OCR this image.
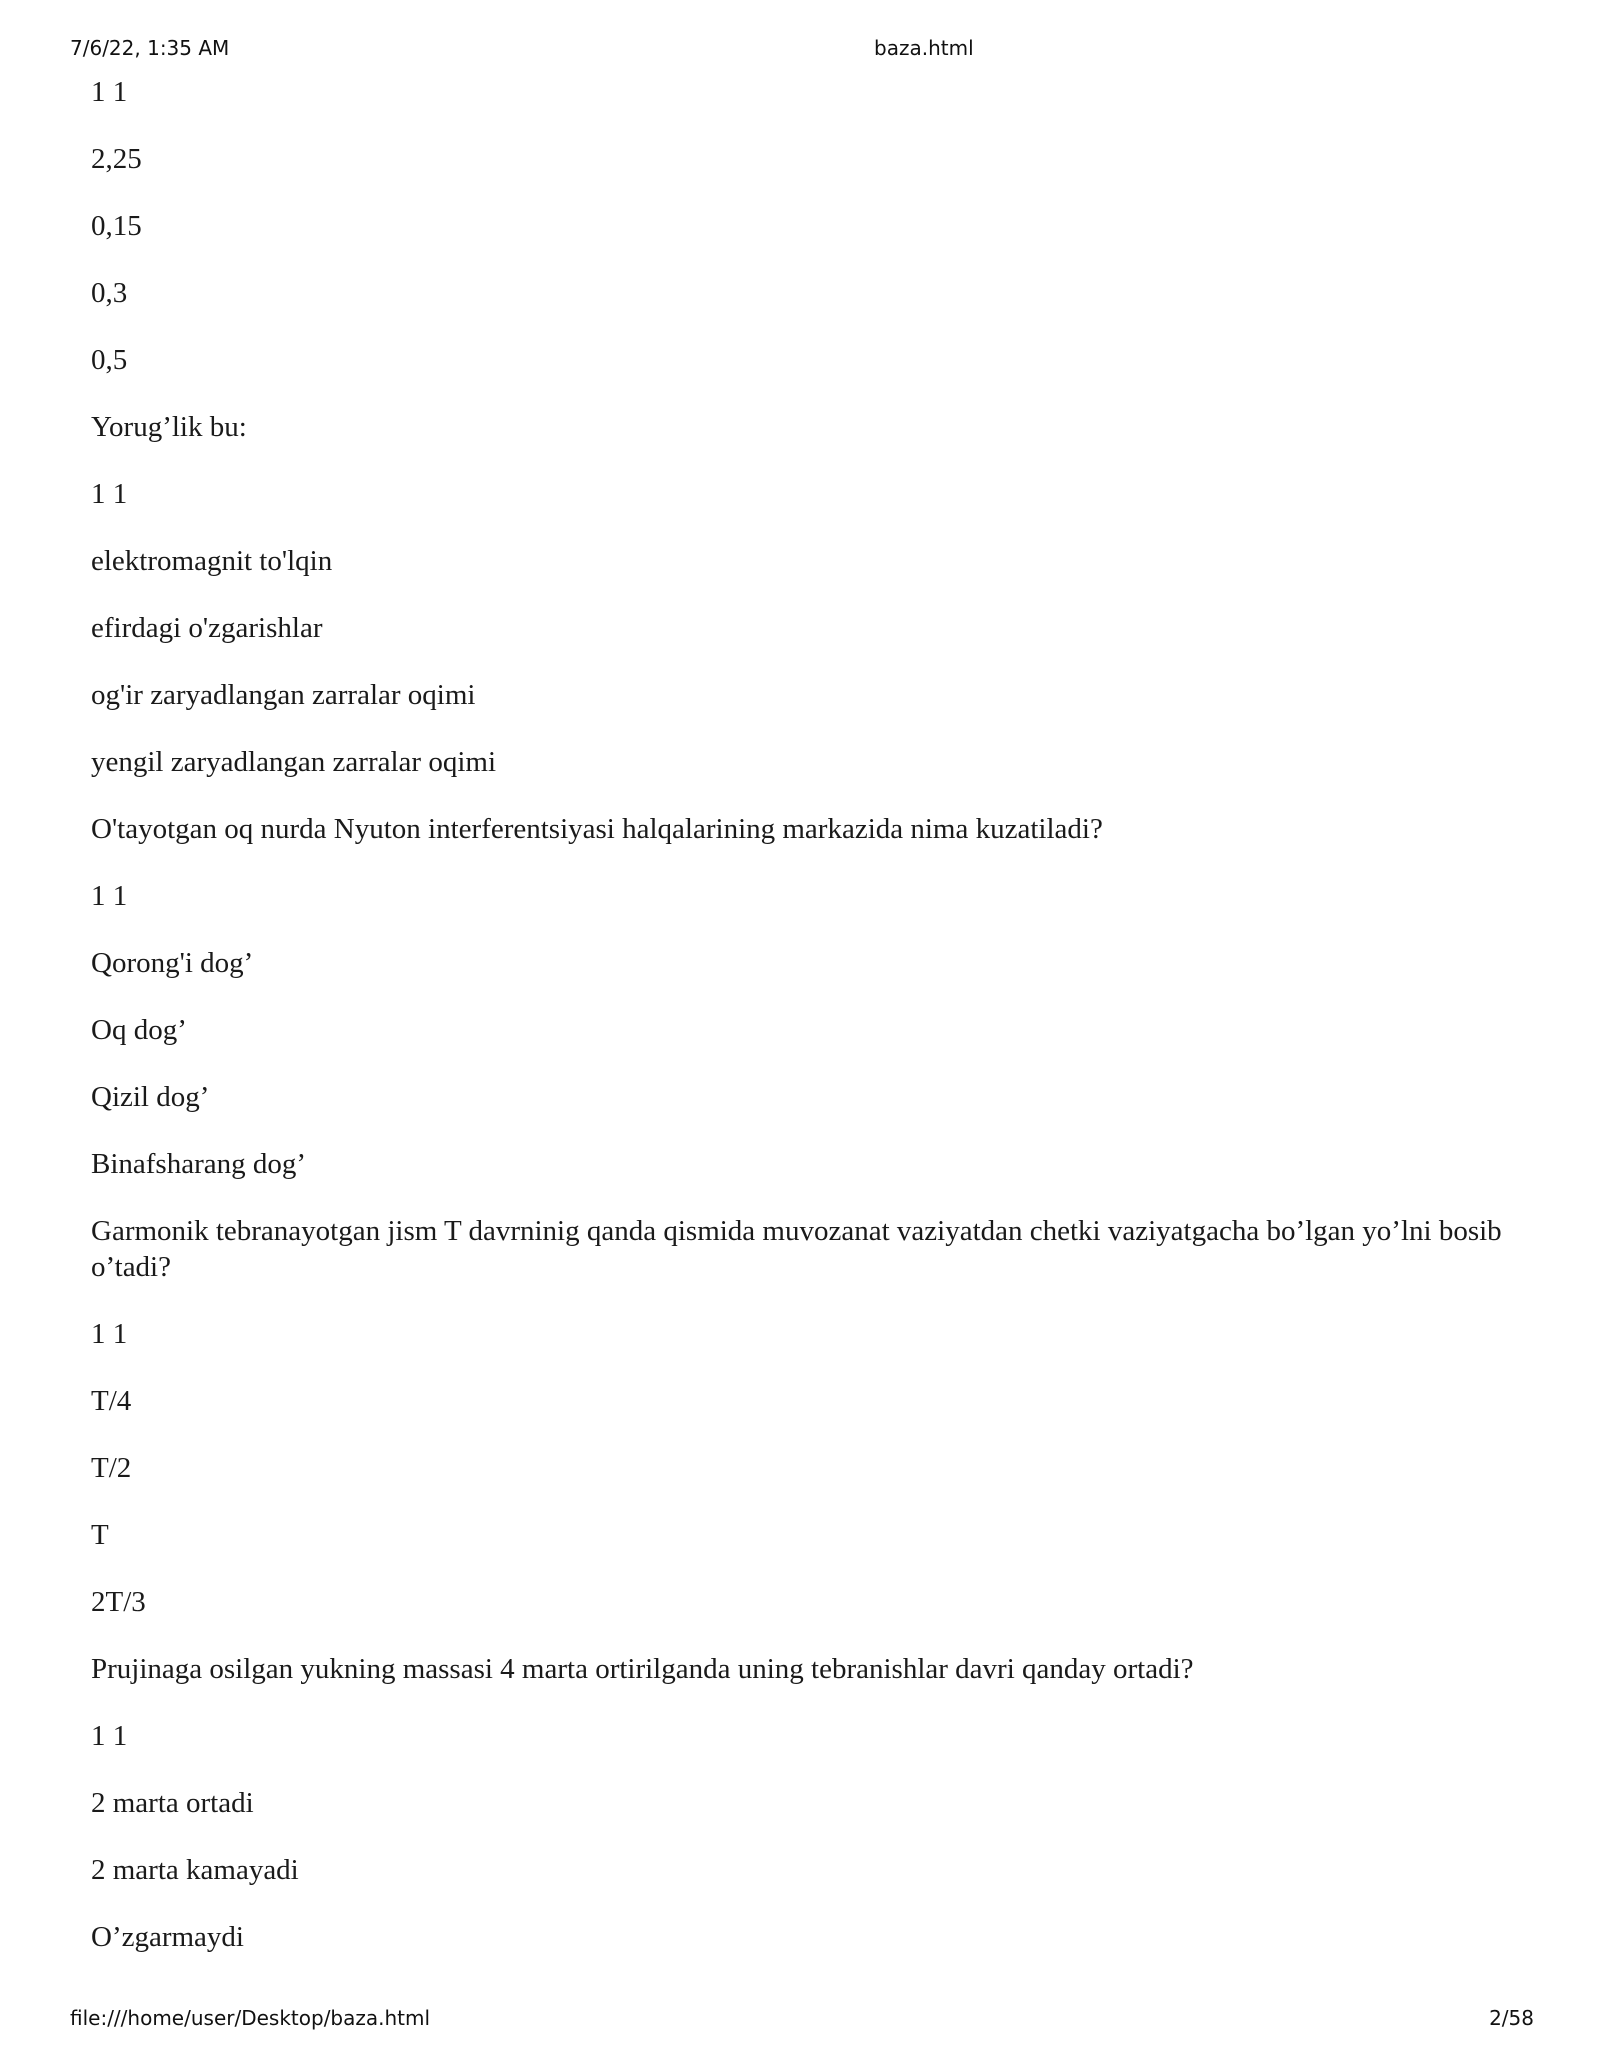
7/6/22, 1:35 AM	baza.html

1 1

2,25

0,15

0,3

0,5

Yorug’lik bu:

1 1

elektromagnit to'lqin

efirdagi o'zgarishlar

og'ir zaryadlangan zarralar oqimi

yengil zaryadlangan zarralar oqimi

O'tayotgan oq nurda Nyuton interferentsiyasi halqalarining markazida nima kuzatiladi?

1 1

Qorong'i dog’

Oq dog’

Qizil dog’

Binafsharang dog’

Garmonik tebranayotgan jism T davrninig qanda qismida muvozanat vaziyatdan chetki vaziyatgacha bo’lgan yo’lni bosib o’tadi?

1 1

T/4

T/2

T

2T/3

Prujinaga osilgan yukning massasi 4 marta ortirilganda uning tebranishlar davri qanday ortadi?

1 1

2 marta ortadi

2 marta kamayadi

O’zgarmaydi

file:///home/user/Desktop/baza.html	2/58
